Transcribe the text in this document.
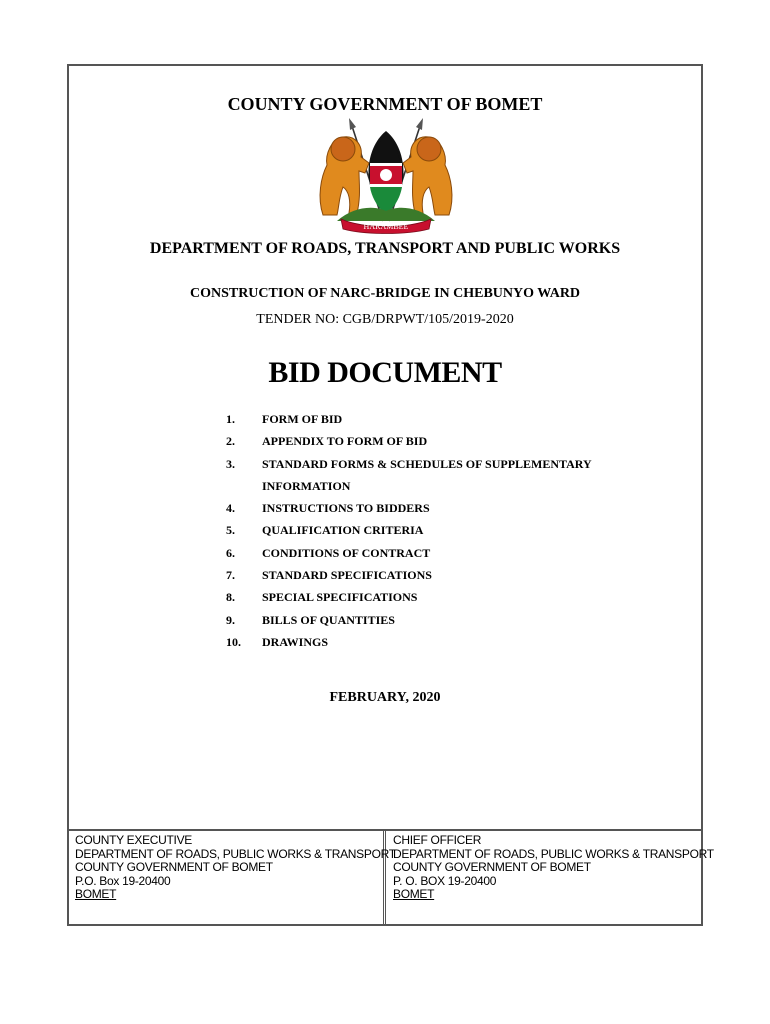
COUNTY EXECUTIVE
DEPARTMENT OF ROADS, PUBLIC WORKS & TRANSPORT
COUNTY GOVERNMENT OF BOMET
P.O. Box 19-20400
BOMET
CHIEF OFFICER
DEPARTMENT OF ROADS, PUBLIC WORKS & TRANSPORT
COUNTY GOVERNMENT OF BOMET
P. O. BOX 19-20400
BOMET
COUNTY GOVERNMENT OF BOMET
HARAMBEE
DEPARTMENT OF ROADS, TRANSPORT AND PUBLIC WORKS
CONSTRUCTION OF NARC-BRIDGE IN CHEBUNYO WARD
TENDER NO: CGB/DRPWT/105/2019-2020
BID DOCUMENT
1.	FORM OF BID
2.	APPENDIX TO FORM OF BID
3.	STANDARD FORMS & SCHEDULES OF SUPPLEMENTARY INFORMATION
4.	INSTRUCTIONS TO BIDDERS
5.	QUALIFICATION CRITERIA
6.	CONDITIONS OF CONTRACT
7.	STANDARD SPECIFICATIONS
8.	SPECIAL SPECIFICATIONS
9.	BILLS OF QUANTITIES
10.	DRAWINGS
FEBRUARY, 2020
